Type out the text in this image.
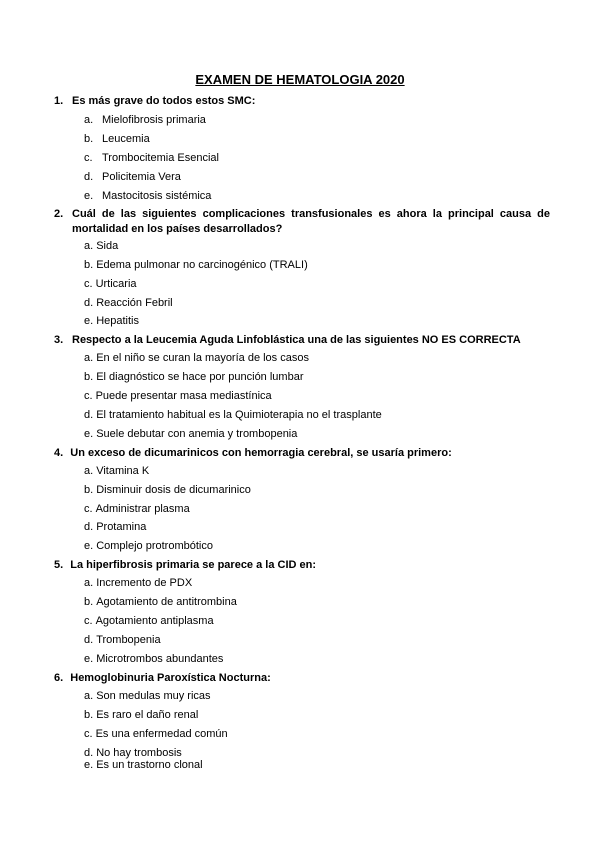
EXAMEN DE HEMATOLOGIA 2020
1. Es más grave do todos estos SMC:
a. Mielofibrosis primaria
b. Leucemia
c. Trombocitemia Esencial
d. Policitemia Vera
e. Mastocitosis sistémica
2. Cuál de las siguientes complicaciones transfusionales es ahora la principal causa de mortalidad en los países desarrollados?
a. Sida
b. Edema pulmonar no carcinogénico (TRALI)
c. Urticaria
d. Reacción Febril
e. Hepatitis
3. Respecto a la Leucemia Aguda Linfoblástica una de las siguientes NO ES CORRECTA
a. En el niño se curan la mayoría de los casos
b. El diagnóstico se hace por punción lumbar
c. Puede presentar masa mediastínica
d. El tratamiento habitual es la Quimioterapia no el trasplante
e. Suele debutar con anemia y trombopenia
4. Un exceso de dicumarinicos con hemorragia cerebral, se usaría primero:
a. Vitamina K
b. Disminuir dosis de dicumarinico
c. Administrar plasma
d. Protamina
e. Complejo protrombótico
5. La hiperfibrosis primaria se parece a la CID en:
a. Incremento de PDX
b. Agotamiento de antitrombina
c. Agotamiento antiplasma
d. Trombopenia
e. Microtrombos abundantes
6. Hemoglobinuria Paroxística Nocturna:
a. Son medulas muy ricas
b. Es raro el daño renal
c. Es una enfermedad común
d. No hay trombosis
e. Es un trastorno clonal
